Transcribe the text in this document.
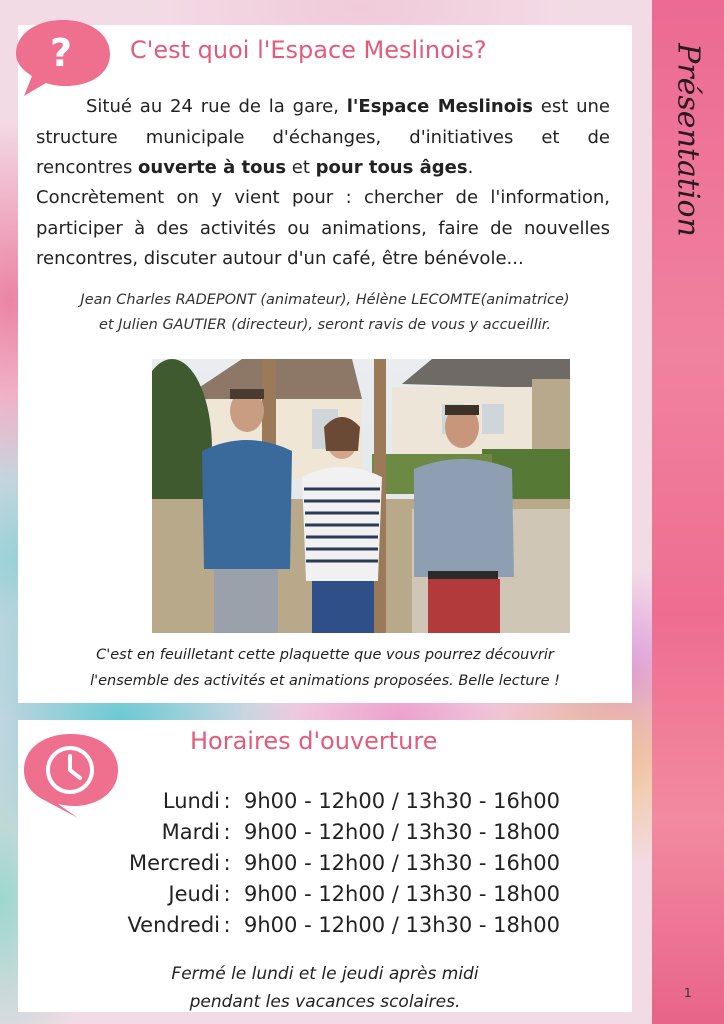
Présentation
1
? C'est quoi l'Espace Meslinois?
Situé au 24 rue de la gare, l'Espace Meslinois est une
structure municipale d'échanges, d'initiatives et de
rencontres ouverte à tous et pour tous âges.
Concrètement on y vient pour : chercher de l'information,
participer à des activités ou animations, faire de nouvelles
rencontres, discuter autour d'un café, être bénévole...
Jean Charles RADEPONT (animateur), Hélène LECOMTE(animatrice)
et Julien GAUTIER (directeur), seront ravis de vous y accueillir.
C'est en feuilletant cette plaquette que vous pourrez découvrir
l'ensemble des activités et animations proposées. Belle lecture !
Horaires d'ouverture
Lundi : 9h00 - 12h00 / 13h30 - 16h00
Mardi : 9h00 - 12h00 / 13h30 - 18h00
Mercredi : 9h00 - 12h00 / 13h30 - 16h00
Jeudi : 9h00 - 12h00 / 13h30 - 18h00
Vendredi : 9h00 - 12h00 / 13h30 - 18h00
Fermé le lundi et le jeudi après midi
pendant les vacances scolaires.
